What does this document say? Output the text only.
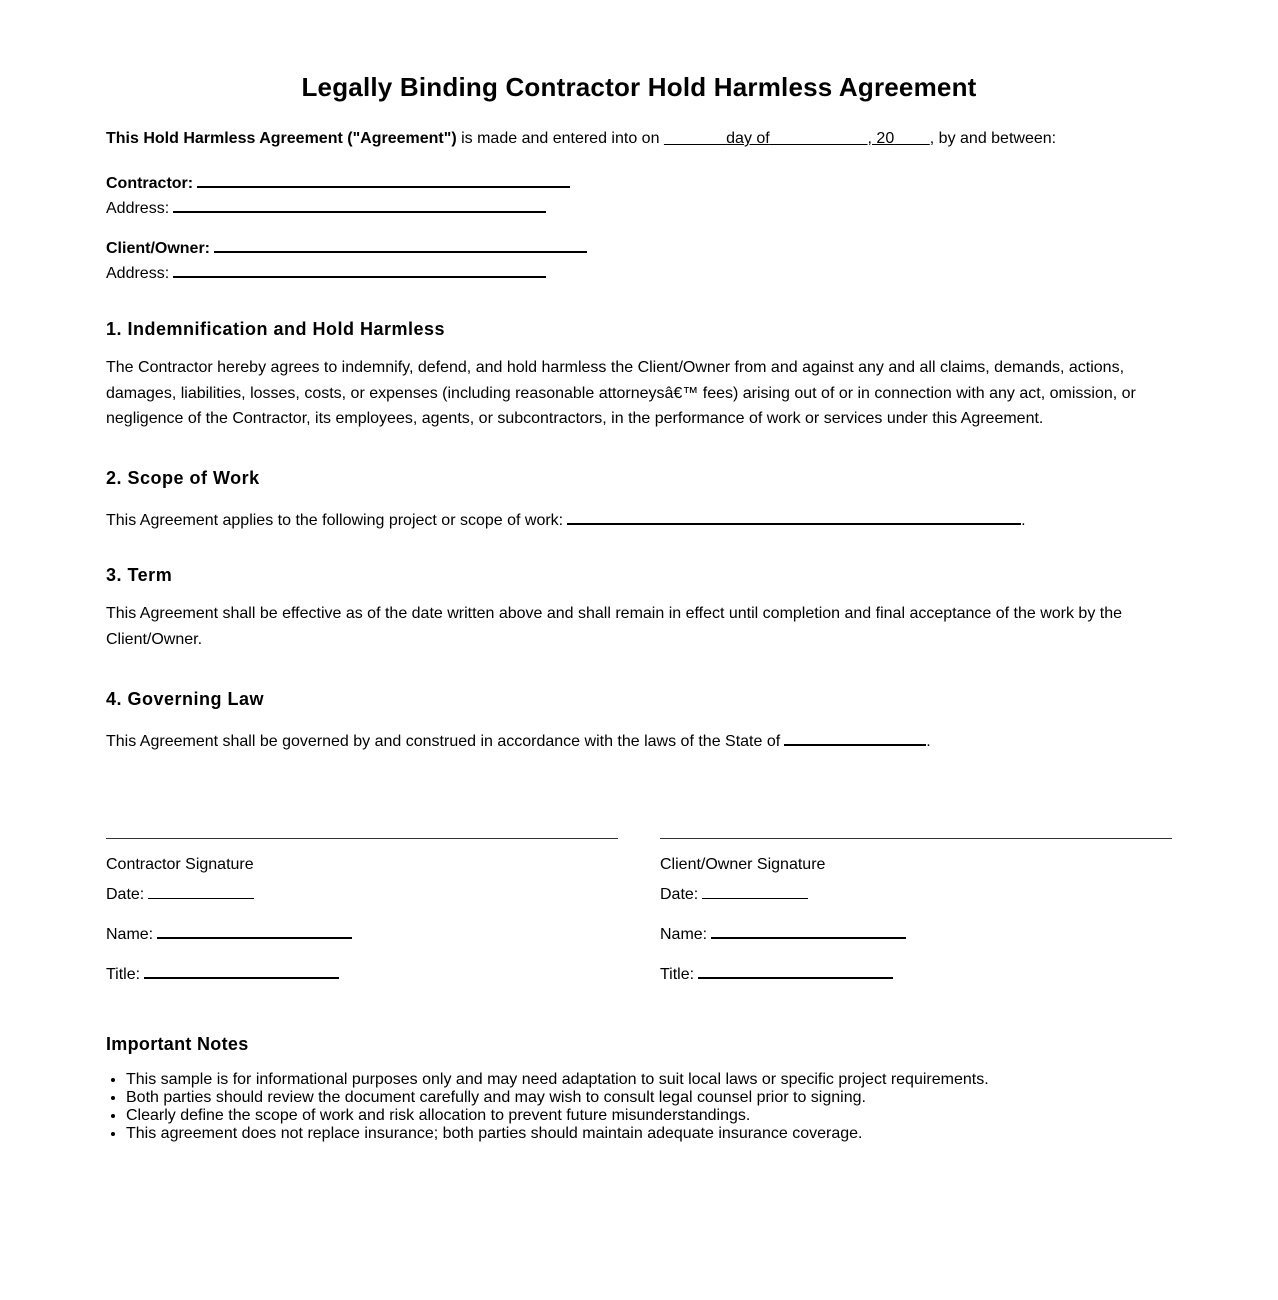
Legally Binding Contractor Hold Harmless Agreement
This Hold Harmless Agreement ("Agreement") is made and entered into on	day of	, 20 , by and between:
Contractor:
Address:
Client/Owner:
Address:
1. Indemnification and Hold Harmless

The Contractor hereby agrees to indemnify, defend, and hold harmless the Client/Owner from and against any and all claims, demands, actions, damages, liabilities, losses, costs, or expenses (including reasonable attorneysâ€™ fees) arising out of or in connection with any act, omission, or negligence of the Contractor, its employees, agents, or subcontractors, in the performance of work or services under this Agreement.

2. Scope of Work
This Agreement applies to the following project or scope of work:	.
3. Term

This Agreement shall be effective as of the date written above and shall remain in effect until completion and final acceptance of the work by the Client/Owner.

4. Governing Law
This Agreement shall be governed by and construed in accordance with the laws of the State of	.
Contractor Signature
Date:
Name:
Title:
Client/Owner Signature
Date:
Name:
Title:
Important Notes
• This sample is for informational purposes only and may need adaptation to suit local laws or specific project requirements.
• Both parties should review the document carefully and may wish to consult legal counsel prior to signing.
• Clearly define the scope of work and risk allocation to prevent future misunderstandings.
• This agreement does not replace insurance; both parties should maintain adequate insurance coverage.
